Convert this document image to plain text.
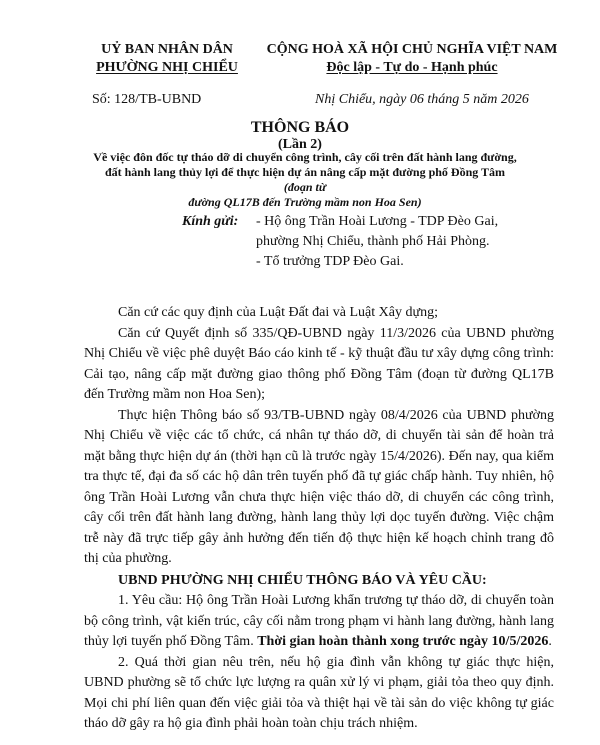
UỶ BAN NHÂN DÂN
PHƯỜNG NHỊ CHIỂU
CỘNG HOÀ XÃ HỘI CHỦ NGHĨA VIỆT NAM
Độc lập - Tự do - Hạnh phúc
Số: 128/TB-UBND	Nhị Chiểu, ngày 06 tháng 5 năm 2026
THÔNG BÁO
(Lần 2)
Về việc đôn đốc tự tháo dỡ di chuyển công trình, cây cối trên đất hành lang đường,
đất hành lang thủy lợi để thực hiện dự án nâng cấp mặt đường phố Đồng Tâm (đoạn từ
đường QL17B đến Trường mầm non Hoa Sen)
Kính gửi: - Hộ ông Trần Hoài Lương - TDP Đèo Gai,
phường Nhị Chiểu, thành phố Hải Phòng.
- Tổ trưởng TDP Đèo Gai.

Căn cứ các quy định của Luật Đất đai và Luật Xây dựng;

Căn cứ Quyết định số 335/QĐ-UBND ngày 11/3/2026 của UBND phường Nhị Chiểu về việc phê duyệt Báo cáo kinh tế - kỹ thuật đầu tư xây dựng công trình: Cải tạo, nâng cấp mặt đường giao thông phố Đồng Tâm (đoạn từ đường QL17B đến Trường mầm non Hoa Sen);

Thực hiện Thông báo số 93/TB-UBND ngày 08/4/2026 của UBND phường Nhị Chiểu về việc các tổ chức, cá nhân tự tháo dỡ, di chuyển tài sản để hoàn trả mặt bằng thực hiện dự án (thời hạn cũ là trước ngày 15/4/2026). Đến nay, qua kiểm tra thực tế, đại đa số các hộ dân trên tuyến phố đã tự giác chấp hành. Tuy nhiên, hộ ông Trần Hoài Lương vẫn chưa thực hiện việc tháo dỡ, di chuyển các công trình, cây cối trên đất hành lang đường, hành lang thủy lợi dọc tuyến đường. Việc chậm trễ này đã trực tiếp gây ảnh hưởng đến tiến độ thực hiện kế hoạch chỉnh trang đô thị của phường.

UBND PHƯỜNG NHỊ CHIỂU THÔNG BÁO VÀ YÊU CẦU:

1. Yêu cầu: Hộ ông Trần Hoài Lương khẩn trương tự tháo dỡ, di chuyển toàn bộ công trình, vật kiến trúc, cây cối nằm trong phạm vi hành lang đường, hành lang thủy lợi tuyến phố Đồng Tâm. Thời gian hoàn thành xong trước ngày 10/5/2026.

2. Quá thời gian nêu trên, nếu hộ gia đình vẫn không tự giác thực hiện, UBND phường sẽ tổ chức lực lượng ra quân xử lý vi phạm, giải tỏa theo quy định. Mọi chi phí liên quan đến việc giải tỏa và thiệt hại về tài sản do việc không tự giác tháo dỡ gây ra hộ gia đình phải hoàn toàn chịu trách nhiệm.
